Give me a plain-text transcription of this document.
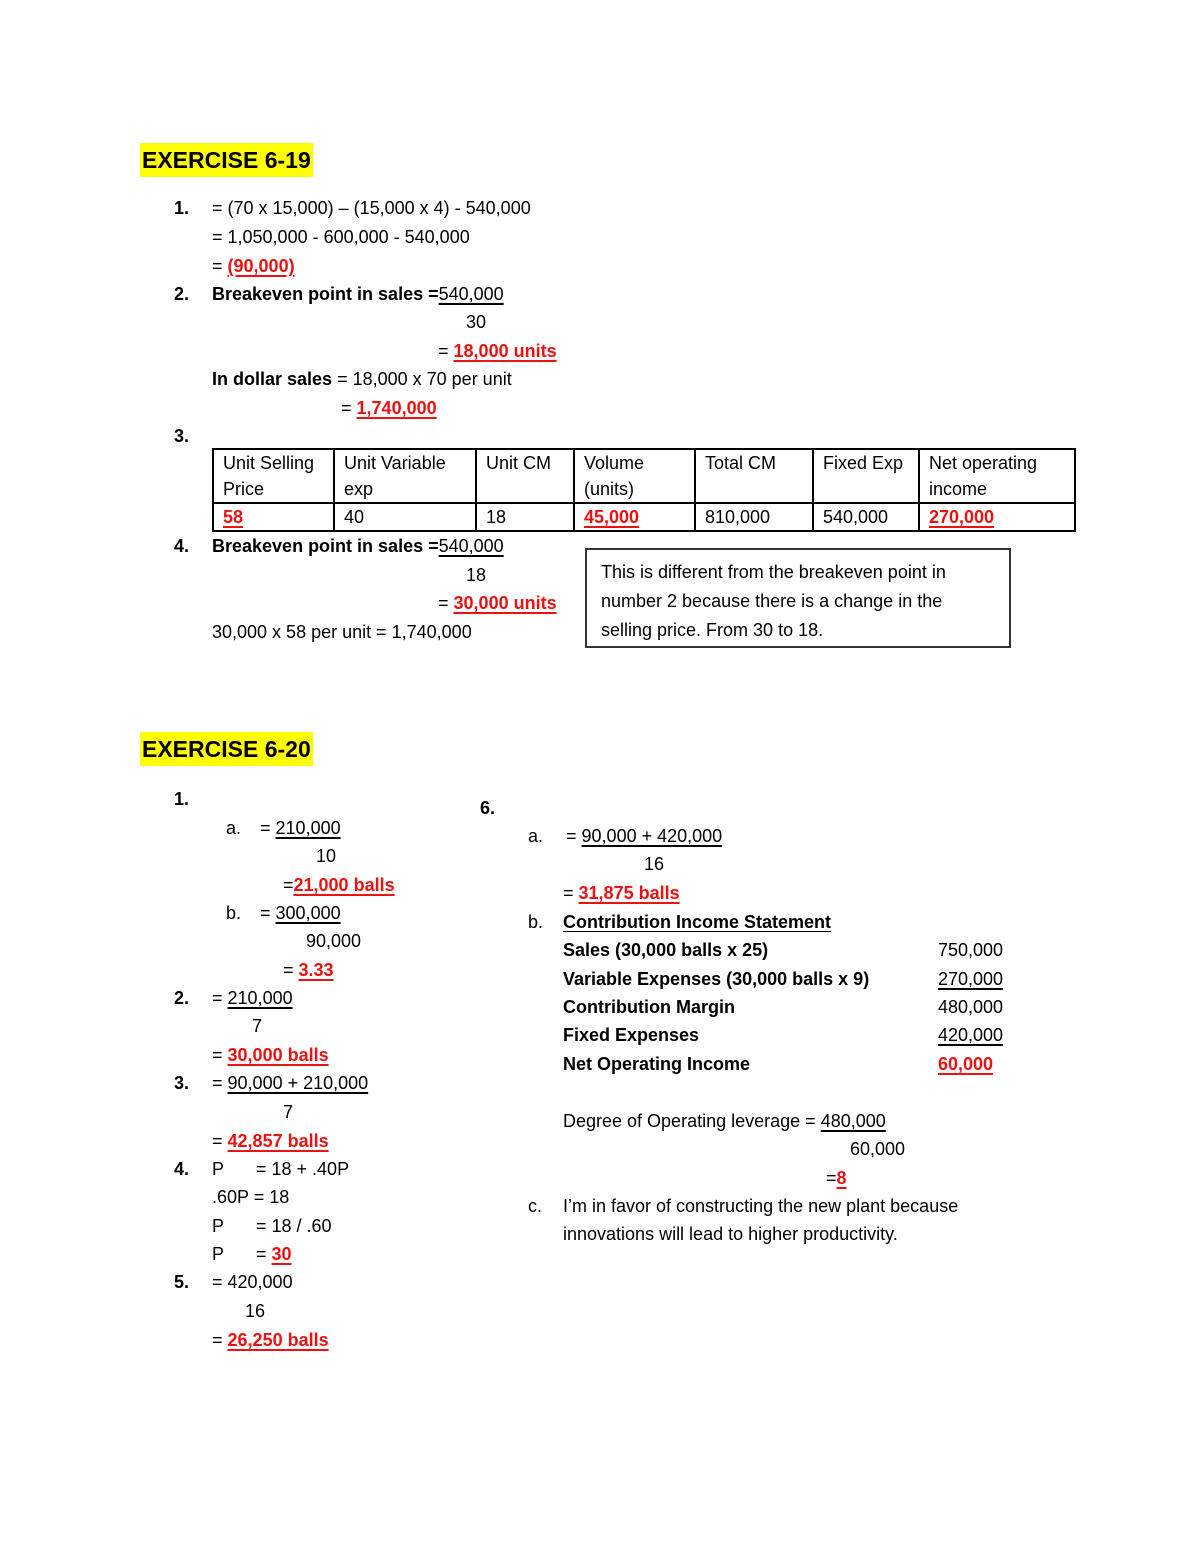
EXERCISE 6-19
1. = (70 x 15,000) – (15,000 x 4) - 540,000
= 1,050,000 - 600,000 - 540,000
= (90,000)
2. Breakeven point in sales =540,000
30
= 18,000 units
In dollar sales = 18,000 x 70 per unit
= 1,740,000
3.
Unit Selling Price	Unit Variable exp	Unit CM	Volume (units)	Total CM	Fixed Exp	Net operating income
58	40	18	45,000	810,000	540,000	270,000
4. Breakeven point in sales =540,000
18
= 30,000 units
30,000 x 58 per unit = 1,740,000
This is different from the breakeven point in number 2 because there is a change in the selling price. From 30 to 18.
EXERCISE 6-20
1.
a. = 210,000
10
=21,000 balls
b. = 300,000
90,000
= 3.33
2. = 210,000
7
= 30,000 balls
3. = 90,000 + 210,000
7
= 42,857 balls
4. P = 18 + .40P
.60P = 18
P = 18 / .60
P = 30
5. = 420,000
16
= 26,250 balls
6.
a. = 90,000 + 420,000
16
= 31,875 balls
b. Contribution Income Statement
Sales (30,000 balls x 25)	750,000
Variable Expenses (30,000 balls x 9)	270,000
Contribution Margin	480,000
Fixed Expenses	420,000
Net Operating Income	60,000
Degree of Operating leverage = 480,000
60,000
=8
c. I’m in favor of constructing the new plant because
innovations will lead to higher productivity.
